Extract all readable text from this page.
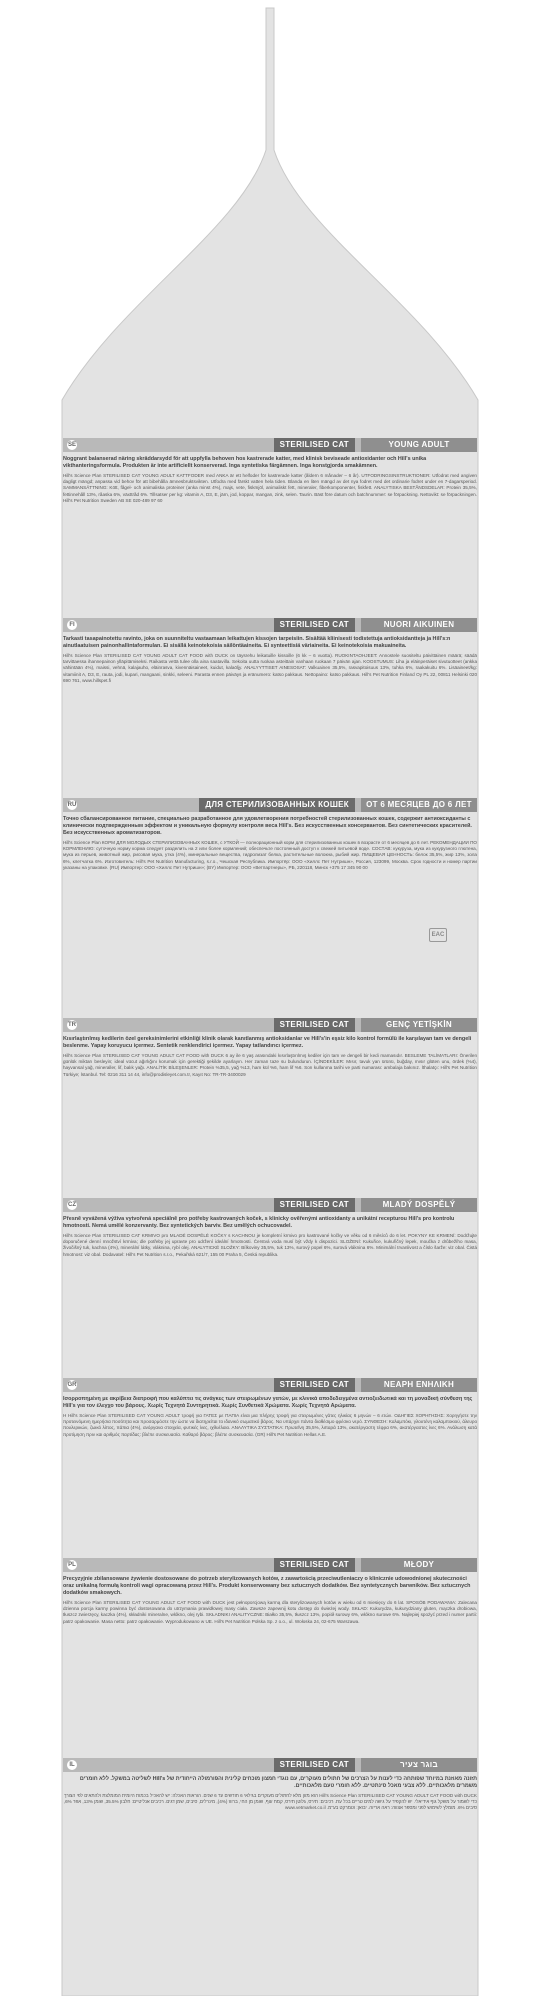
SE	STERILISED CAT	YOUNG ADULT
Noggrant balanserad näring skräddarsydd för att uppfylla behoven hos kastrerade katter, med klinisk beviseade antioxidanter och Hill's unika vikthanteringsformula. Produkten är inte artificiellt konserverad. Inga syntetiska färgämnen. Inga konstgjorda smakämnen.
Hill's Science Plan STERILISED CAT YOUNG ADULT KATTFODER med ANKA är ett helfoder för kastrerade katter (åldern 6 månader – 6 år). UTFODRINGSINSTRUKTIONER: Utfodrat med angiven dagligt mängd; anpassa vid behov för att bibehålla ämnesbruktsvikten. Utfodra med färskt vatten hela tiden. Blanda en liten mängd av det nya fodret med det ordinarie fodret under en 7-dagarsperiod. SAMMANSÄTTNING: Kött, fågel- och animaliska proteiner (anka minst 4%), majs, vete, fiskmjöl, animaliskt fett, mineraler, fiberkomponenter, fiskfett. ANALYTISKA BESTÅNDSDELAR: Protein 35,5%, fettinnehåll 13%, råaska 6%, växttråd 6%. Tillsatser per kg: vitamin A, D3, E, järn, jod, koppar, mangan, zink, selen. Taurin. Bäst före datum och batchnummer: se förpackning. Nettovikt: se förpackningen. Hill's Pet Nutrition Sweden AB SE 020-489 97 60
FI	STERILISED CAT	NUORI AIKUINEN
Tarkasti tasapainotettu ravinto, joka on suunniteltu vastaamaan leikattujen kissojen tarpeisiin. Sisältää kliinisesti todistettuja antioksidantteja ja Hill's:n ainutlaatuisen painonhallintaformulan. Ei sisällä keinotekoisia säilöntäaineita. Ei synteettisiä väriaineita. Ei keinotekoisia makuaineita.
Hill's Science Plan STERILISED CAT YOUNG ADULT CAT FOOD with DUCK on täysrehu leikatuille kissoille (6 kk – 6 vuotta). RUOKINTAOHJEET: Annostele suositeltu päivittäinen määrä; säädä tarvittaessa ihannepainon ylläpitämiseksi. Raikasta vettä tulee olla aina saatavilla. Sekoita uutta ruokaa asteittain vanhaan ruokaan 7 päivän ajan. KOOSTUMUS: Liha ja eläinperäiset sivutuotteet (ankka vähintään 4%), maissi, vehnä, kalajauho, eläinrasva, kivennäisaineet, kuidut, kalaöljy. ANALYYTTISET AINESOSAT: Valkuainen 35,5%, rasvapitoisuus 13%, tuhka 6%, raakakuitu 6%. Lisäaineet/kg: vitamiinit A, D3, E, rauta, jodi, kupari, mangaani, sinkki, seleeni. Parasta ennen päiväys ja eränumero: katso pakkaus. Nettopaino: katso pakkaus. Hill's Pet Nutrition Finland Oy PL 22, 00811 Helsinki 020 690 761, www.hillspet.fi
RU	ДЛЯ СТЕРИЛИЗОВАННЫХ КОШЕК	ОТ 6 МЕСЯЦЕВ ДО 6 ЛЕТ
Точно сбалансированное питание, специально разработанное для удовлетворения потребностей стерилизованных кошек, содержит антиоксиданты с клинически подтвержденным эффектом и уникальную формулу контроля веса Hill's. Без искусственных консервантов. Без синтетических красителей. Без искусственных ароматизаторов.
Hill's Science Plan КОРМ ДЛЯ МОЛОДЫХ СТЕРИЛИЗОВАННЫХ КОШЕК, с УТКОЙ — полнорационный корм для стерилизованных кошек в возрасте от 6 месяцев до 6 лет. РЕКОМЕНДАЦИИ ПО КОРМЛЕНИЮ: суточную норму корма следует разделить на 2 или более кормлений; обеспечьте постоянный доступ к свежей питьевой воде. СОСТАВ: кукуруза, мука из кукурузного глютена, мука из перьев, животный жир, рисовая мука, утка (4%), минеральные вещества, гидролизат белка, растительные волокна, рыбий жир. ПИЩЕВАЯ ЦЕННОСТЬ: белок 35,5%, жир 13%, зола 6%, клетчатка 6%. Изготовитель: Hill's Pet Nutrition Manufacturing, s.r.o., Чешская Республика. Импортёр: ООО «Хиллс Пет Нутришн», Россия, 123099, Москва. Срок годности и номер партии указаны на упаковке. (RU) Импортер: ООО «Хиллс Пет Нутришн»; (BY) Импортер: ООО «Ветпартнеры», РБ, 220118, Минск +375 17 345 90 00
EAC
TR	STERILISED CAT	GENÇ YETİŞKİN
Kısırlaştırılmış kedilerin özel gereksinimlerini etkinliği klinik olarak kanıtlanmış antioksidanlar ve Hill's'in eşsiz kilo kontrol formülü ile karşılayan tam ve dengeli beslenme. Yapay koruyucu içermez. Sentetik renklendirici içermez. Yapay tatlandırıcı içermez.
Hill's Science Plan STERILISED CAT YOUNG ADULT CAT FOOD with DUCK 6 ay ile 6 yaş arasındaki kısırlaştırılmış kediler için tam ve dengeli bir kedi mamasıdır. BESLEME TALİMATLARI: Önerilen günlük miktarı besleyin; ideal vücut ağırlığını korumak için gerektiği şekilde ayarlayın. Her zaman taze su bulundurun. İÇİNDEKİLER: Mısır, tavuk yan ürünü, buğday, mısır glüten unu, ördek (%4), hayvansal yağ, mineraller, lif, balık yağı. ANALİTİK BİLEŞENLER: Protein %35,5, yağ %13, ham kül %6, ham lif %6. Son kullanma tarihi ve parti numarası: ambalaja bakınız. İthalatçı: Hill's Pet Nutrition Türkiye; İstanbul. Tel: 0216 311 14 44, info@prodisleyet.com.tr, Kayıt No: TR-TR-3400029
CZ	STERILISED CAT	MLADÝ DOSPĚLÝ
Přesně vyvážená výživa vytvořená speciálně pro potřeby kastrovaných koček, s klinicky ověřenými antioxidanty a unikátní recepturou Hill's pro kontrolu hmotnosti. Nemá umělé konzervanty. Bez syntetických barviv. Bez umělých ochucovadel.
Hill's Science Plan STERILISED CAT KRMIVO pro MLADÉ DOSPĚLÉ KOČKY s KACHNOU je kompletní krmivo pro kastrované kočky ve věku od 6 měsíců do 6 let. POKYNY KE KRMENÍ: Dodržujte doporučené denní množství krmiva; dle potřeby jej upravte pro udržení ideální hmotnosti. Čerstvá voda musí být vždy k dispozici. SLOŽENÍ: Kukuřice, kukuřičný lepek, moučka z drůbežího masa, živočišný tuk, kachna (4%), minerální látky, vláknina, rybí olej. ANALYTICKÉ SLOŽKY: Bílkoviny 35,5%, tuk 13%, surový popel 6%, surová vláknina 6%. Minimální trvanlivost a číslo šarže: viz obal. Čistá hmotnost: viz obal. Dodavatel: Hill's Pet Nutrition s.r.o., Pekařská 621/7, 155 00 Praha 5, Česká republika.
GR	STERILISED CAT	ΝΕΑΡΗ ΕΝΗΛΙΚΗ
Ισορροπημένη με ακρίβεια διατροφή που καλύπτει τις ανάγκες των στειρωμένων γατών, με κλινικά αποδεδειγμένα αντιοξειδωτικά και τη μοναδική σύνθεση της Hill's για τον έλεγχο του βάρους. Χωρίς Τεχνητά Συντηρητικά. Χωρίς Συνθετικά Χρώματα. Χωρίς Τεχνητά Αρώματα.
Η Hill's Science Plan STERILISED CAT YOUNG ADULT τροφή για ΓΑΤΕΣ με ΠΑΠΙΑ είναι μια πλήρης τροφή για στειρωμένες γάτες ηλικίας 6 μηνών – 6 ετών. ΟΔΗΓΙΕΣ ΧΟΡΗΓΗΣΗΣ: Χορηγήστε την προτεινόμενη ημερήσια ποσότητα και προσαρμόστε την ώστε να διατηρείται το ιδανικό σωματικό βάρος. Να υπάρχει πάντα διαθέσιμο φρέσκο νερό. ΣΥΝΘΕΣΗ: Καλαμπόκι, γλουτένη καλαμποκιού, άλευρο πουλερικών, ζωικό λίπος, πάπια (4%), ανόργανα στοιχεία, φυτικές ίνες, ιχθυέλαιο. ΑΝΑΛΥΤΙΚΑ ΣΥΣΤΑΤΙΚΑ: Πρωτεΐνη 35,5%, λιπαρά 13%, ακατέργαστη τέφρα 6%, ακατέργαστες ίνες 6%. Ανάλωση κατά προτίμηση πριν και αριθμός παρτίδας: βλέπε συσκευασία. Καθαρό βάρος: βλέπε συσκευασία. (GR) Hill's Pet Nutrition Hellas A.E.
PL	STERILISED CAT	MŁODY
Precyzyjnie zbilansowane żywienie dostosowane do potrzeb sterylizowanych kotów, z zawartością przeciwutleniaczy o klinicznie udowodnionej skuteczności oraz unikalną formułą kontroli wagi opracowaną przez Hill's. Produkt konserwowany bez sztucznych dodatków. Bez syntetycznych barwników. Bez sztucznych dodatków smakowych.
Hill's Science Plan STERILISED CAT YOUNG ADULT CAT FOOD with DUCK jest pełnoporcjową karmą dla sterylizowanych kotów w wieku od 6 miesięcy do 6 lat. SPOSÓB PODAWANIA: Zalecana dzienna porcja karmy powinna być dostosowana do utrzymania prawidłowej masy ciała. Zawsze zapewnij kotu dostęp do świeżej wody. SKŁAD: Kukurydza, kukurydziany gluten, mączka drobiowa, tłuszcz zwierzęcy, kaczka (4%), składniki mineralne, włókno, olej rybi. SKŁADNIKI ANALITYCZNE: Białko 35,5%, tłuszcz 13%, popiół surowy 6%, włókno surowe 6%. Najlepiej spożyć przed i numer partii: patrz opakowanie. Masa netto: patrz opakowanie. Wyprodukowano w UE. Hill's Pet Nutrition Polska Sp. z o.o., ul. Wołoska 24, 02-675 Warszawa.
IL	STERILISED CAT	בוגר צעיר
תזונה מאוזנת במיוחד שפותחה כדי לענות על הצרכים של חתולים מעוקרים, עם נוגדי חמצון מוכחים קלינית והפורמולה הייחודית של Hill's לשליטה במשקל. ללא חומרים משמרים מלאכותיים. ללא צבעי מאכל סינתטיים. ללא חומרי טעם מלאכותיים.
Hill's Science Plan STERILISED CAT YOUNG ADULT CAT FOOD with DUCK הוא מזון מלא לחתולים מעוקרים בגילאי 6 חודשים עד 6 שנים. הוראות האכלה: יש להאכיל בכמות היומית המומלצת ולהתאים לפי הצורך כדי לשמור על משקל גוף אידיאלי. יש להקפיד על גישה למים טריים בכל עת. רכיבים: תירס, גלוטן תירס, קמח עוף, שומן מן החי, ברווז (4%), מינרלים, סיבים, שמן דגים. רכיבים אנליטיים: חלבון 35.5%, שומן 13%, אפר 6%, סיבים 6%. מומלץ לשימוש לפני ומספר אצווה: ראה אריזה. יבואן: וטמרקט בע"מ. www.vetmarket.co.il
